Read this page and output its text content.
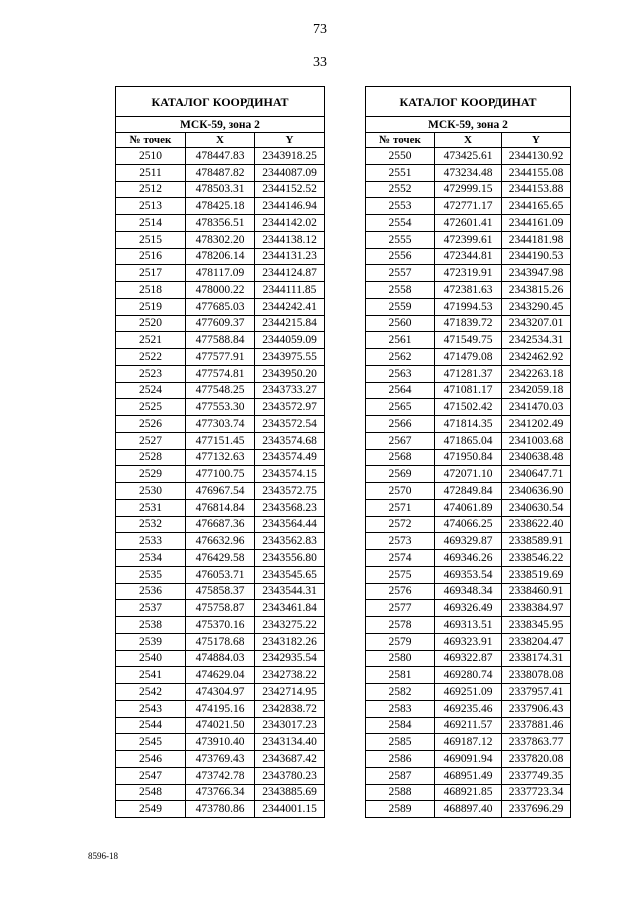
73
33
КАТАЛОГ КООРДИНАТ		
МСК-59, зона 2		
№ точек	X	Y
2510	478447.83	2343918.25
2511	478487.82	2344087.09
2512	478503.31	2344152.52
2513	478425.18	2344146.94
2514	478356.51	2344142.02
2515	478302.20	2344138.12
2516	478206.14	2344131.23
2517	478117.09	2344124.87
2518	478000.22	2344111.85
2519	477685.03	2344242.41
2520	477609.37	2344215.84
2521	477588.84	2344059.09
2522	477577.91	2343975.55
2523	477574.81	2343950.20
2524	477548.25	2343733.27
2525	477553.30	2343572.97
2526	477303.74	2343572.54
2527	477151.45	2343574.68
2528	477132.63	2343574.49
2529	477100.75	2343574.15
2530	476967.54	2343572.75
2531	476814.84	2343568.23
2532	476687.36	2343564.44
2533	476632.96	2343562.83
2534	476429.58	2343556.80
2535	476053.71	2343545.65
2536	475858.37	2343544.31
2537	475758.87	2343461.84
2538	475370.16	2343275.22
2539	475178.68	2343182.26
2540	474884.03	2342935.54
2541	474629.04	2342738.22
2542	474304.97	2342714.95
2543	474195.16	2342838.72
2544	474021.50	2343017.23
2545	473910.40	2343134.40
2546	473769.43	2343687.42
2547	473742.78	2343780.23
2548	473766.34	2343885.69
2549	473780.86	2344001.15
КАТАЛОГ КООРДИНАТ		
МСК-59, зона 2		
№ точек	X	Y
2550	473425.61	2344130.92
2551	473234.48	2344155.08
2552	472999.15	2344153.88
2553	472771.17	2344165.65
2554	472601.41	2344161.09
2555	472399.61	2344181.98
2556	472344.81	2344190.53
2557	472319.91	2343947.98
2558	472381.63	2343815.26
2559	471994.53	2343290.45
2560	471839.72	2343207.01
2561	471549.75	2342534.31
2562	471479.08	2342462.92
2563	471281.37	2342263.18
2564	471081.17	2342059.18
2565	471502.42	2341470.03
2566	471814.35	2341202.49
2567	471865.04	2341003.68
2568	471950.84	2340638.48
2569	472071.10	2340647.71
2570	472849.84	2340636.90
2571	474061.89	2340630.54
2572	474066.25	2338622.40
2573	469329.87	2338589.91
2574	469346.26	2338546.22
2575	469353.54	2338519.69
2576	469348.34	2338460.91
2577	469326.49	2338384.97
2578	469313.51	2338345.95
2579	469323.91	2338204.47
2580	469322.87	2338174.31
2581	469280.74	2338078.08
2582	469251.09	2337957.41
2583	469235.46	2337906.43
2584	469211.57	2337881.46
2585	469187.12	2337863.77
2586	469091.94	2337820.08
2587	468951.49	2337749.35
2588	468921.85	2337723.34
2589	468897.40	2337696.29
8596-18
